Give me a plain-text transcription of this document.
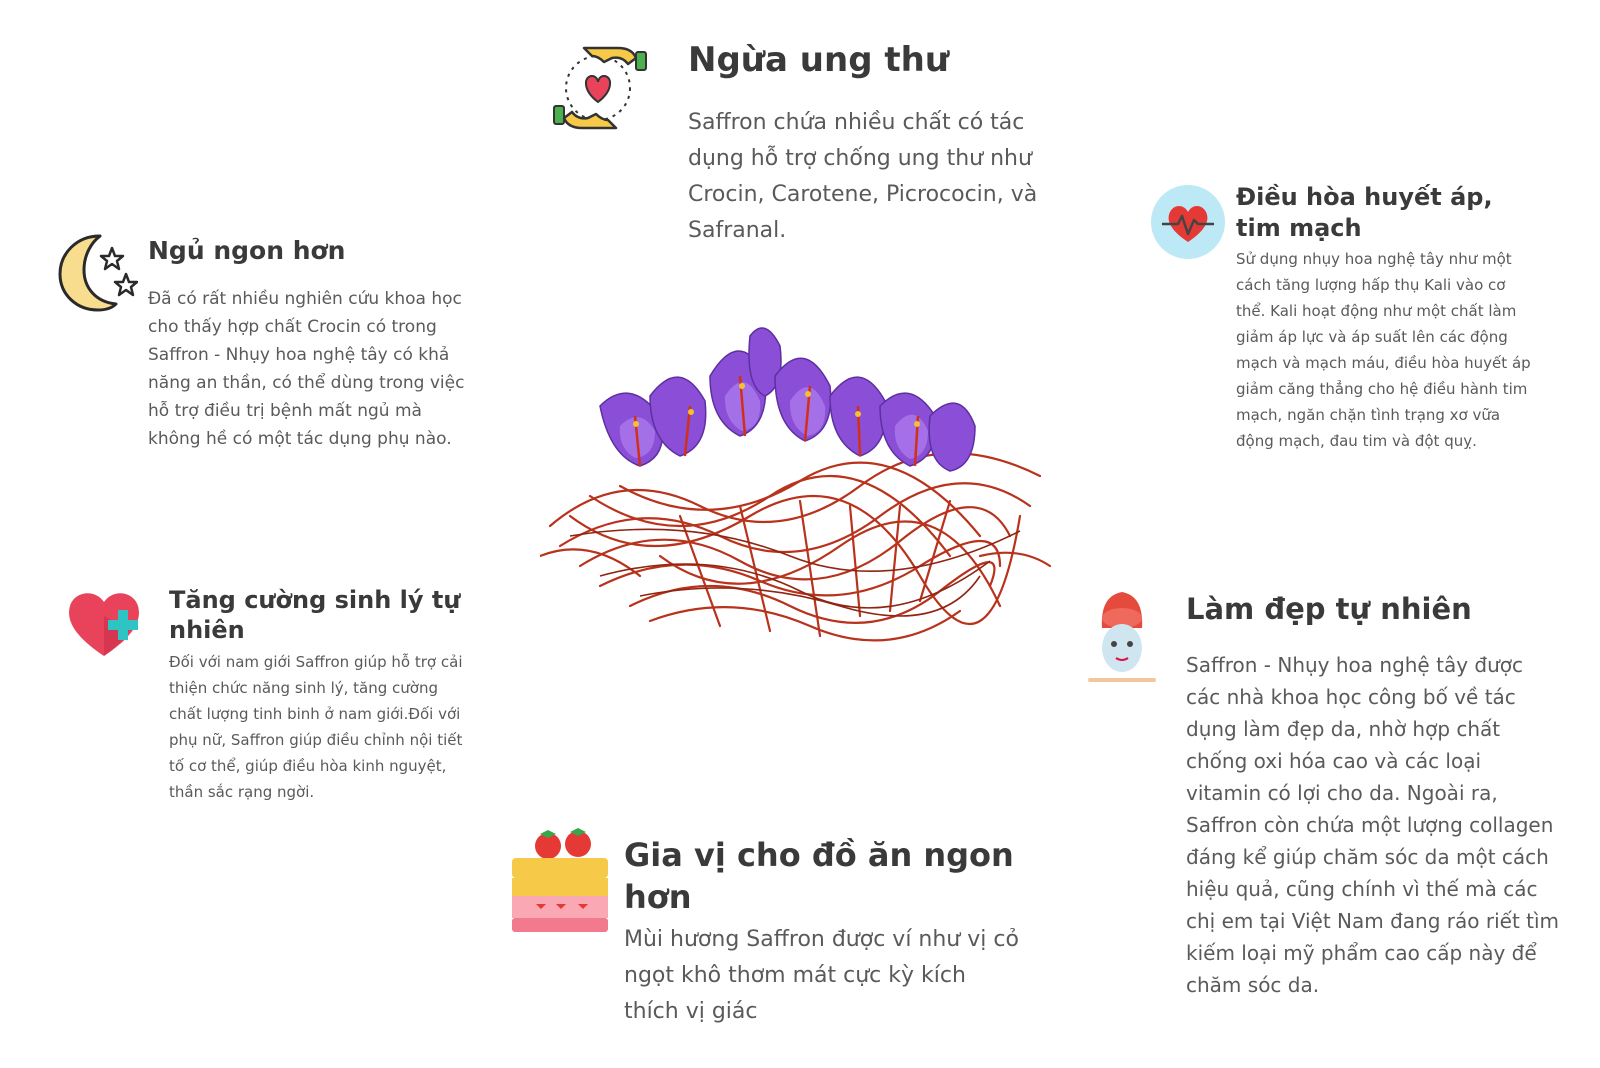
Ngừa ung thư

Saffron chứa nhiều chất có tác dụng hỗ trợ chống ung thư như Crocin, Carotene, Picrococin, và Safranal.

Ngủ ngon hơn

Đã có rất nhiều nghiên cứu khoa học cho thấy hợp chất Crocin có trong Saffron - Nhụy hoa nghệ tây có khả năng an thần, có thể dùng trong việc hỗ trợ điều trị bệnh mất ngủ mà không hề có một tác dụng phụ nào.

Điều hòa huyết áp, tim mạch

Sử dụng nhụy hoa nghệ tây như một cách tăng lượng hấp thụ Kali vào cơ thể. Kali hoạt động như một chất làm giảm áp lực và áp suất lên các động mạch và mạch máu, điều hòa huyết áp giảm căng thẳng cho hệ điều hành tim mạch, ngăn chặn tình trạng xơ vữa động mạch, đau tim và đột quỵ.

Tăng cường sinh lý tự nhiên

Đối với nam giới Saffron giúp hỗ trợ cải thiện chức năng sinh lý, tăng cường chất lượng tinh binh ở nam giới.Đối với phụ nữ, Saffron giúp điều chỉnh nội tiết tố cơ thể, giúp điều hòa kinh nguyệt, thần sắc rạng ngời.

Làm đẹp tự nhiên

Saffron - Nhụy hoa nghệ tây được các nhà khoa học công bố về tác dụng làm đẹp da, nhờ hợp chất chống oxi hóa cao và các loại vitamin có lợi cho da. Ngoài ra, Saffron còn chứa một lượng collagen đáng kể giúp chăm sóc da một cách hiệu quả, cũng chính vì thế mà các chị em tại Việt Nam đang ráo riết tìm kiếm loại mỹ phẩm cao cấp này để chăm sóc da.

Gia vị cho đồ ăn ngon hơn

Mùi hương Saffron được ví như vị cỏ ngọt khô thơm mát cực kỳ kích thích vị giác
